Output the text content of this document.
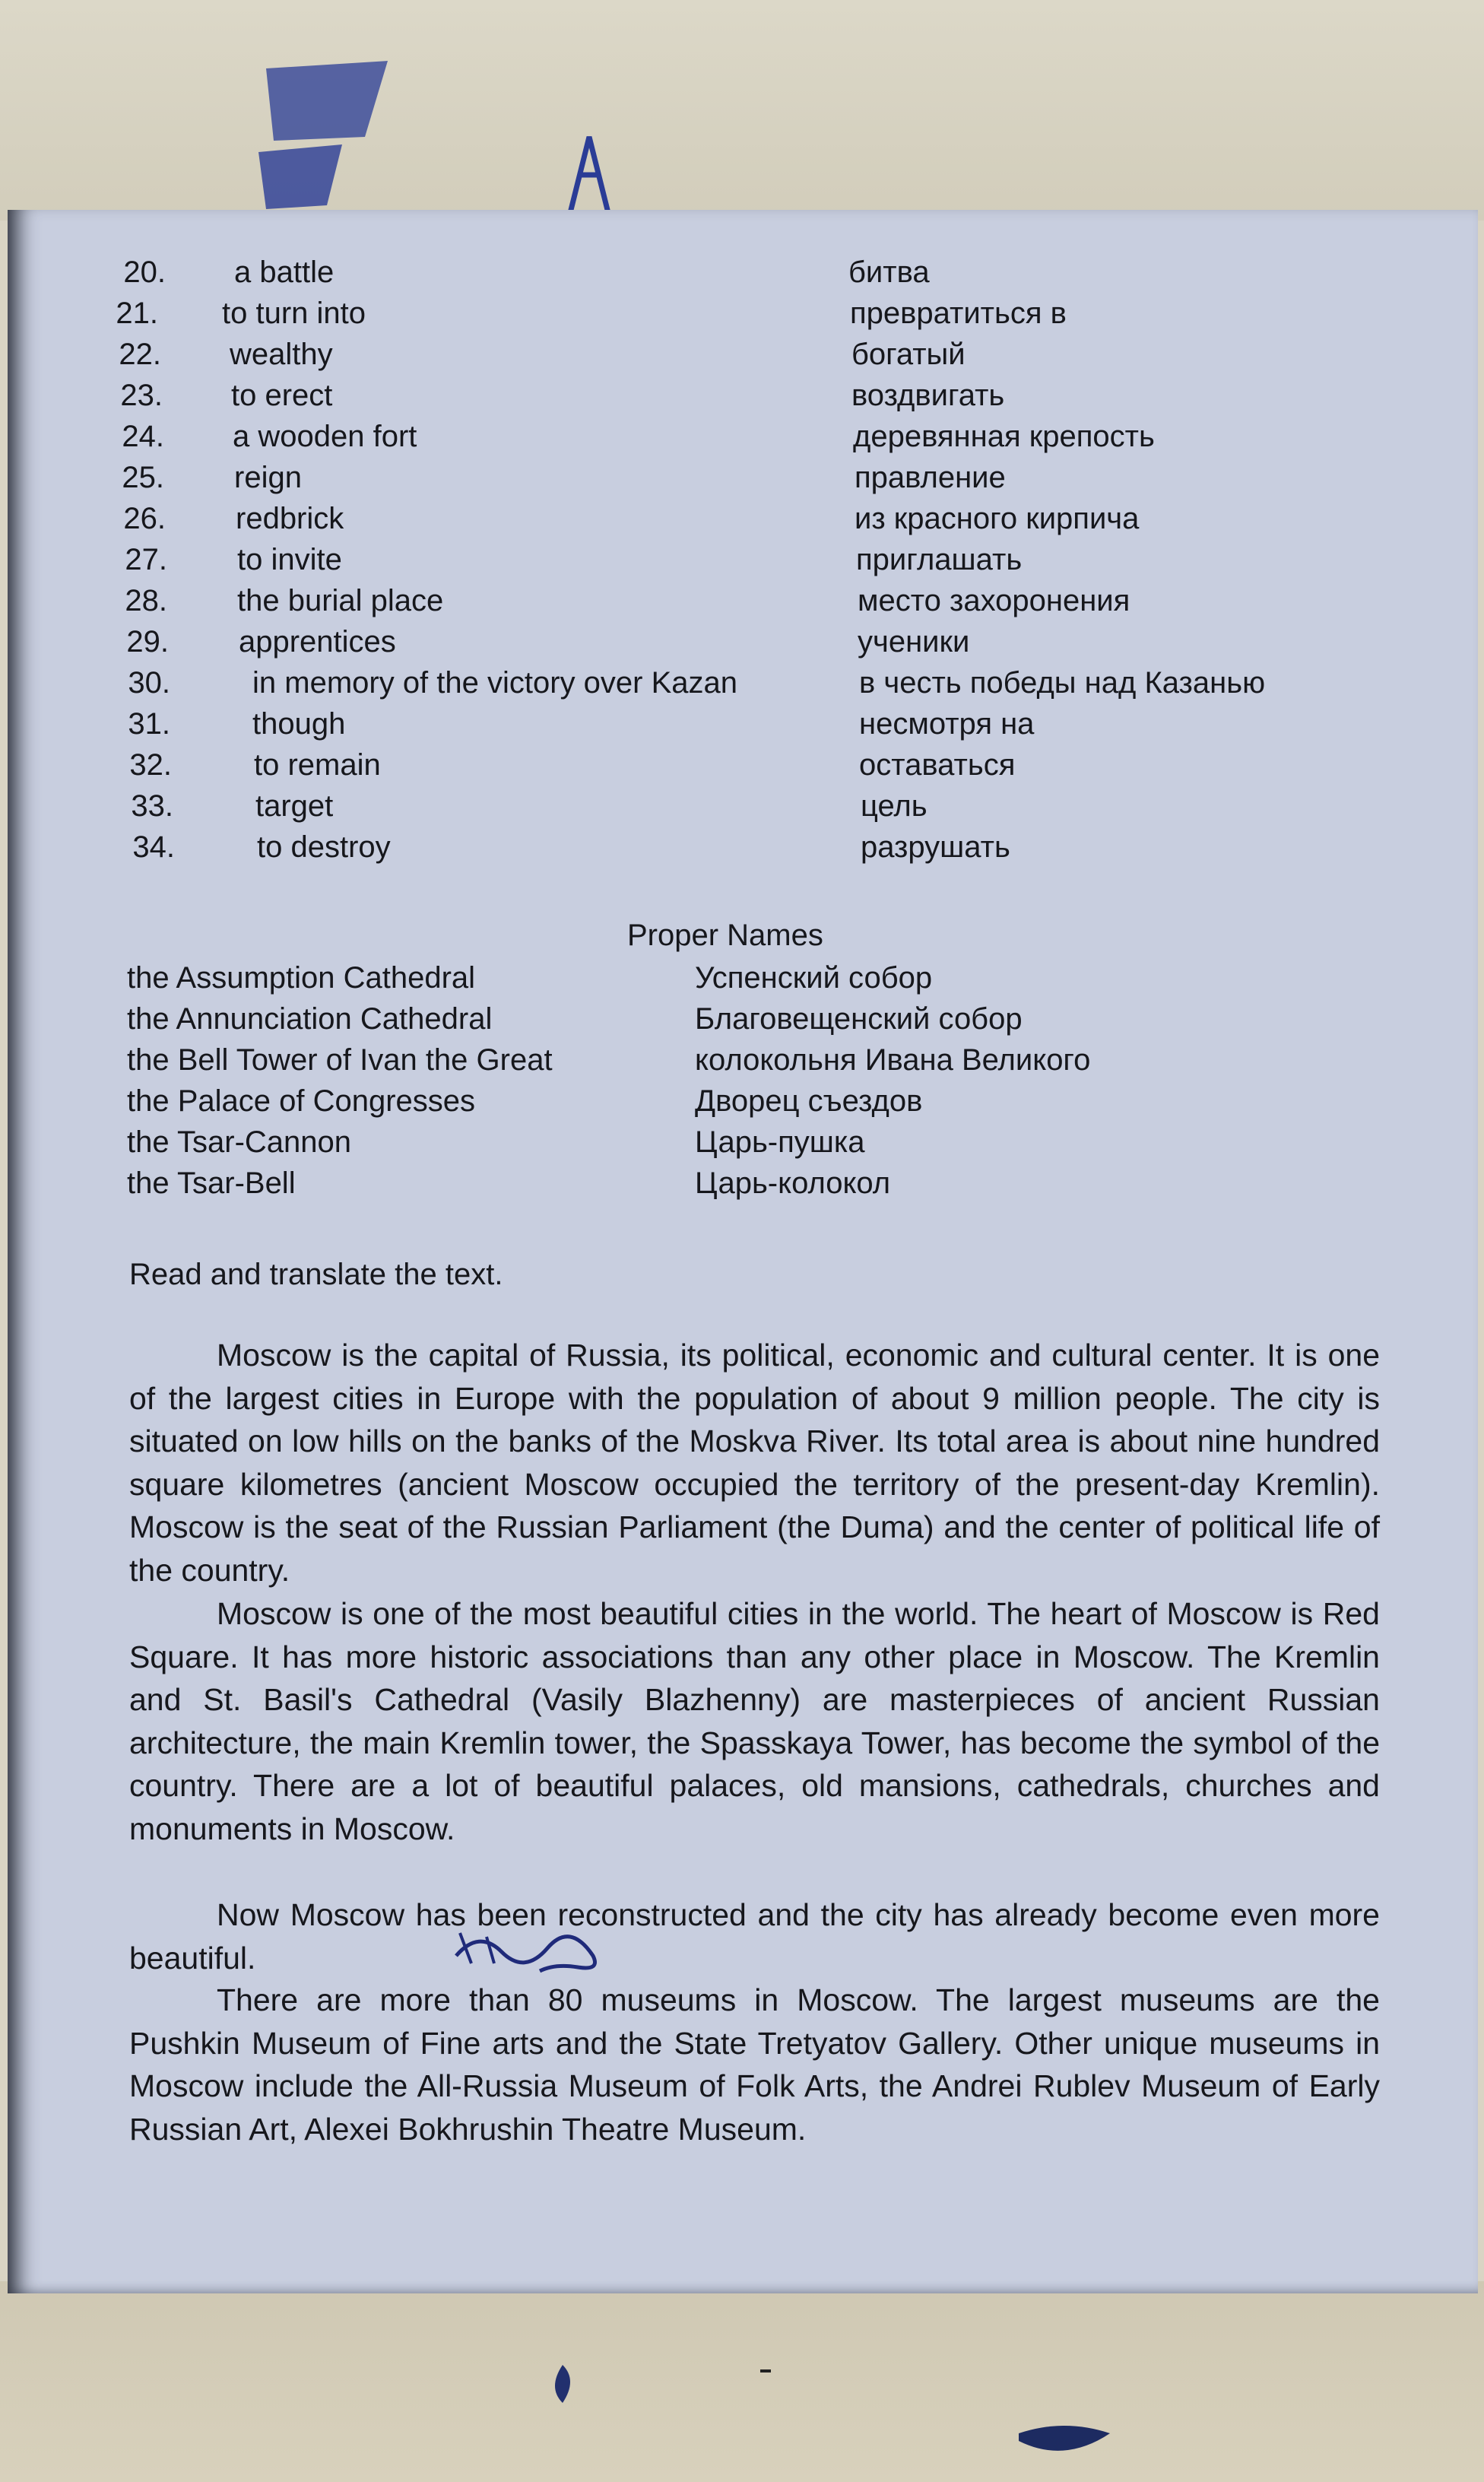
20. a battle	битва
21. to turn into	превратиться в
22. wealthy	богатый
23. to erect	воздвигать
24. a wooden fort	деревянная крепость
25. reign	правление
26. redbrick	из красного кирпича
27. to invite	приглашать
28. the burial place	место захоронения
29. apprentices	ученики
30.	in memory of the victory over Kazan	в честь победы над Казанью
31.	though	несмотря на
32.	to remain	оставаться
33.	target	цель
34.	to destroy	разрушать
Proper Names
the Assumption Cathedral	Успенский собор
the Annunciation Cathedral	Благовещенский собор
the Bell Tower of Ivan the Great	колокольня Ивана Великого
the Palace of Congresses	Дворец съездов
the Tsar-Cannon	Царь-пушка
the Tsar-Bell	Царь-колокол
Read and translate the text.

Moscow is the capital of Russia, its political, economic and cultural center. It is one of the largest cities in Europe with the population of about 9 million people. The city is situated on low hills on the banks of the Moskva River. Its total area is about nine hundred square kilometres (ancient Moscow occupied the territory of the present-day Kremlin). Moscow is the seat of the Russian Parliament (the Duma) and the center of political life of the country.

Moscow is one of the most beautiful cities in the world. The heart of Moscow is Red Square. It has more historic associations than any other place in Moscow. The Kremlin and St. Basil's Cathedral (Vasily Blazhenny) are masterpieces of ancient Russian architecture, the main Kremlin tower, the Spasskaya Tower, has become the symbol of the country. There are a lot of beautiful palaces, old mansions, cathedrals, churches and monuments in Moscow.

Now Moscow has been reconstructed and the city has already become even more beautiful.

There are more than 80 museums in Moscow. The largest museums are the Pushkin Museum of Fine arts and the State Tretyatov Gallery. Other unique museums in Moscow include the All-Russia Museum of Folk Arts, the Andrei Rublev Museum of Early Russian Art, Alexei Bokhrushin Theatre Museum.
